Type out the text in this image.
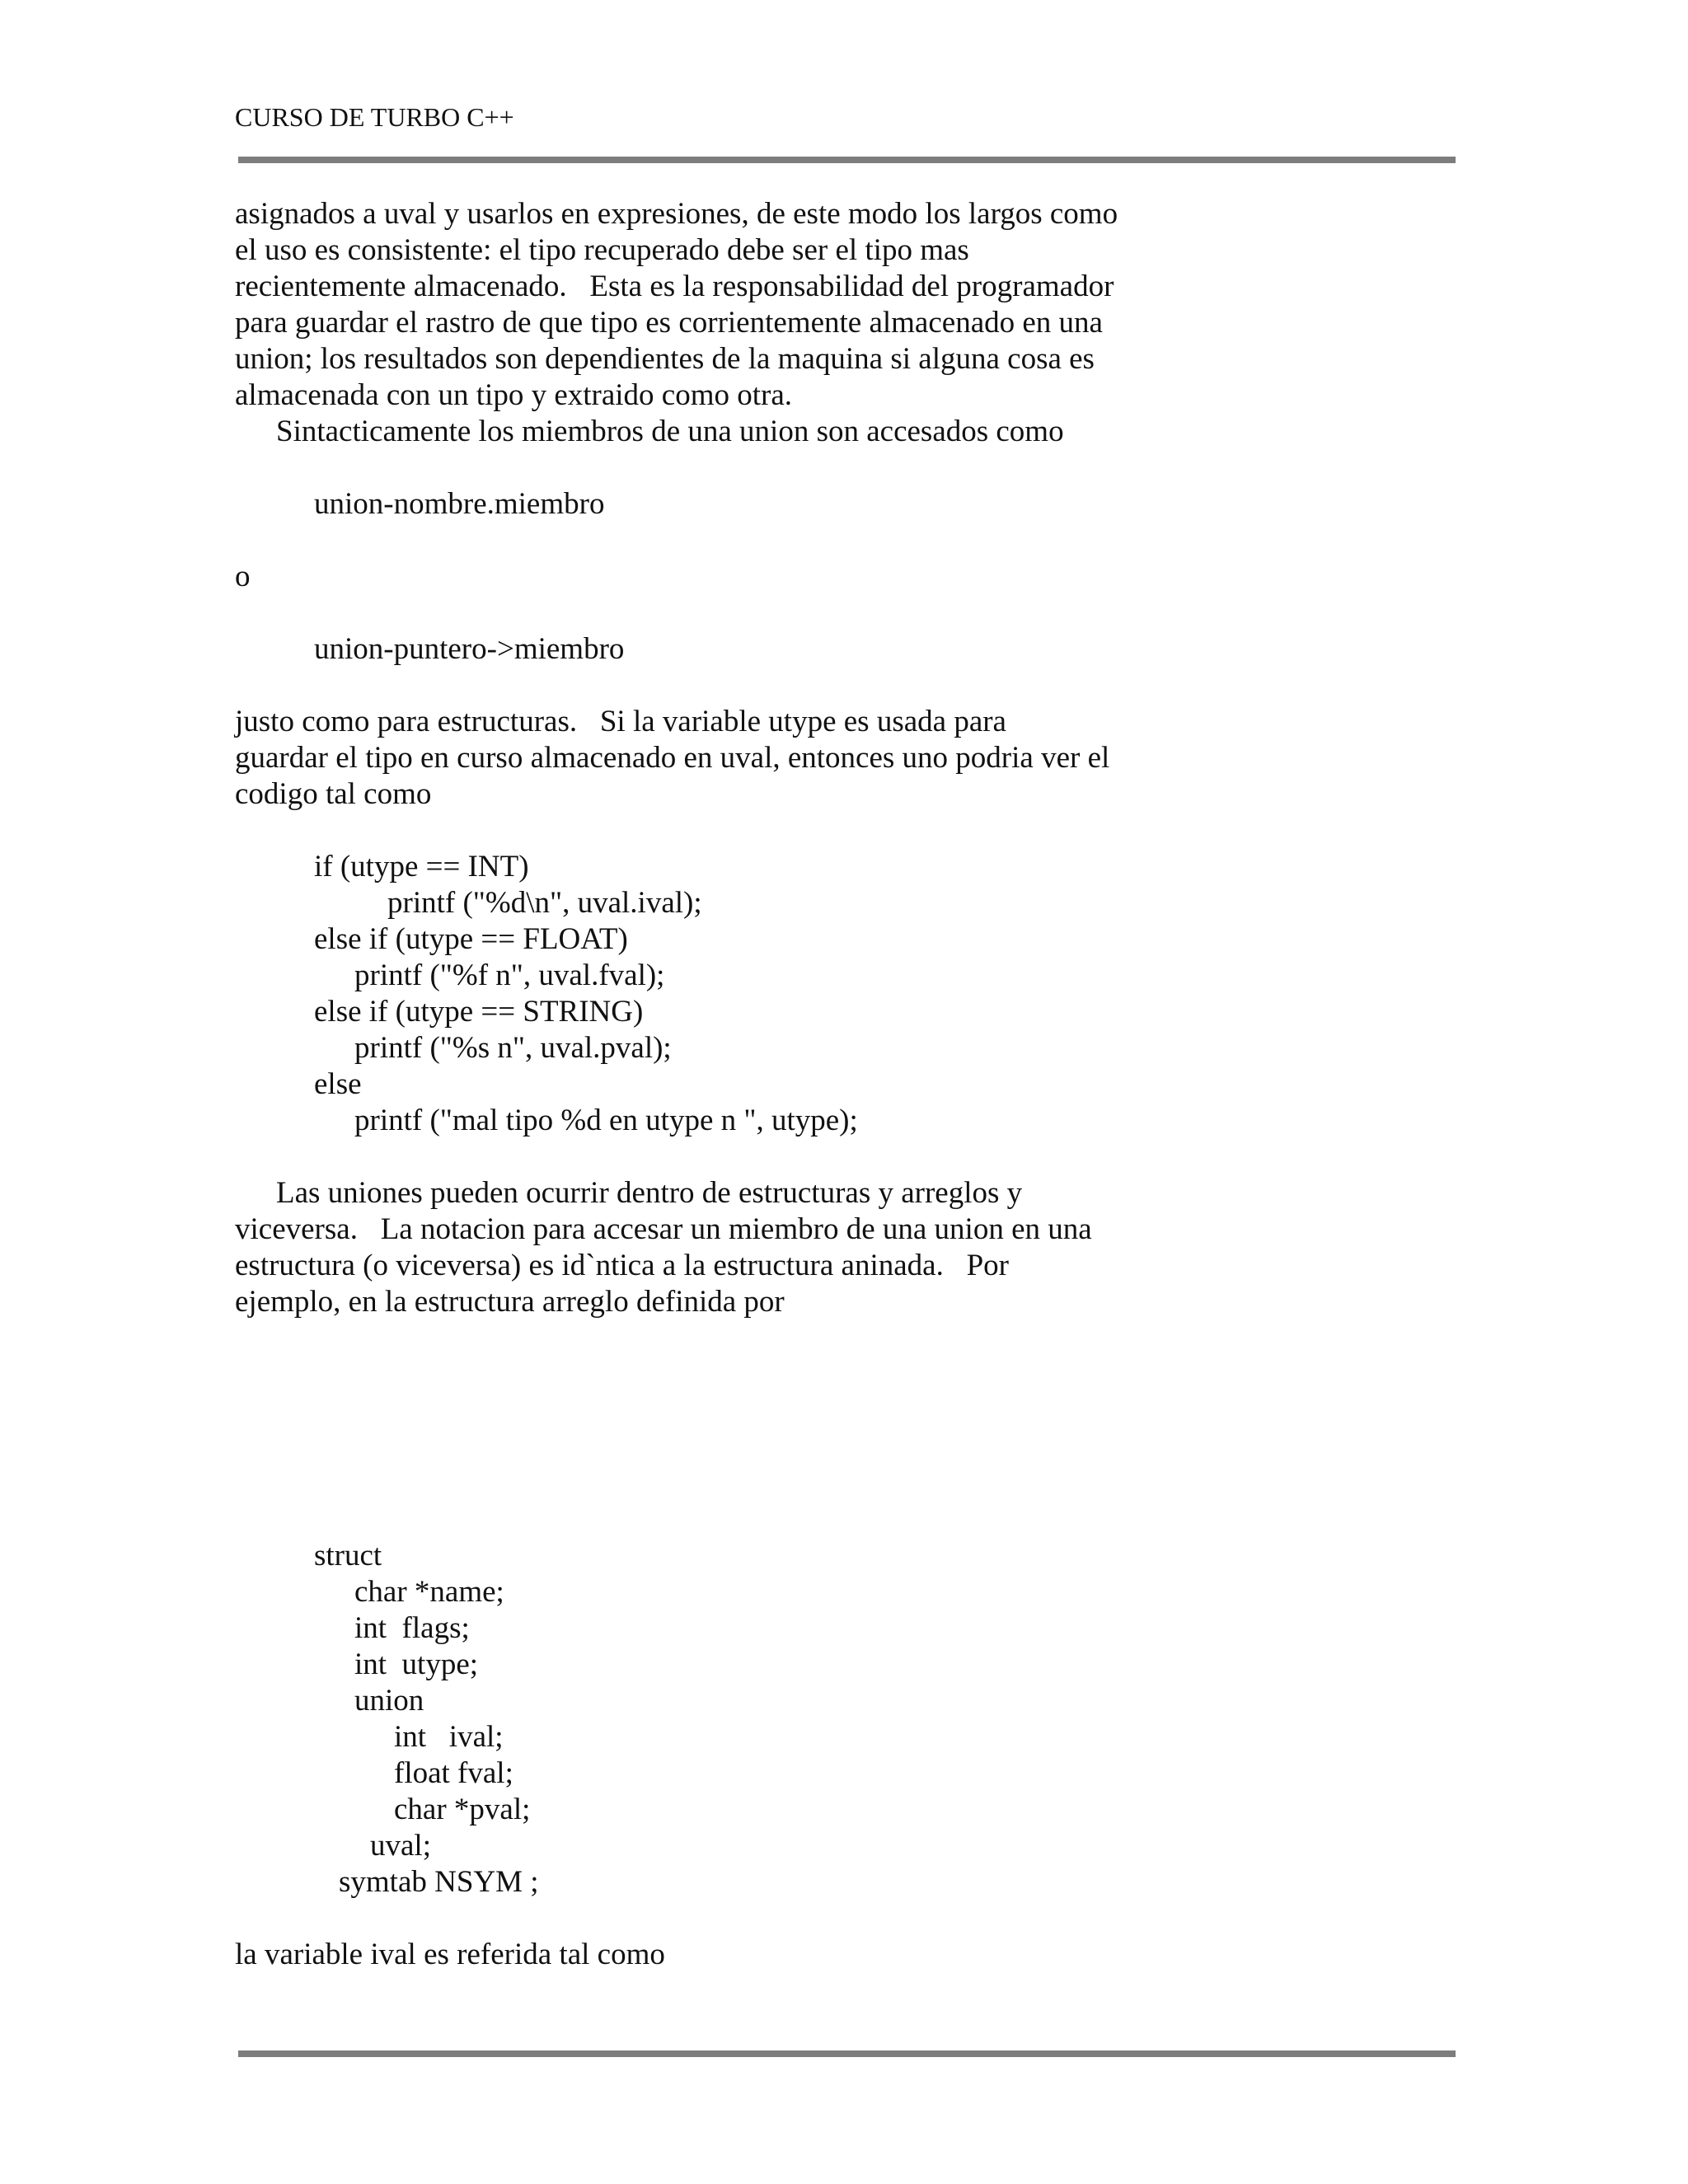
CURSO DE TURBO C++
asignados a uval y usarlos en expresiones, de este modo los largos como
el uso es consistente: el tipo recuperado debe ser el tipo mas
recientemente almacenado.   Esta es la responsabilidad del programador
para guardar el rastro de que tipo es corrientemente almacenado en una
union; los resultados son dependientes de la maquina si alguna cosa es
almacenada con un tipo y extraido como otra.
Sintacticamente los miembros de una union son accesados como
union-nombre.miembro
o
union-puntero->miembro
justo como para estructuras.   Si la variable utype es usada para
guardar el tipo en curso almacenado en uval, entonces uno podria ver el
codigo tal como
if (utype == INT)
printf ("%d\n", uval.ival);
else if (utype == FLOAT)
printf ("%f n", uval.fval);
else if (utype == STRING)
printf ("%s n", uval.pval);
else
printf ("mal tipo %d en utype n ", utype);
Las uniones pueden ocurrir dentro de estructuras y arreglos y
viceversa.   La notacion para accesar un miembro de una union en una
estructura (o viceversa) es id`ntica a la estructura aninada.   Por
ejemplo, en la estructura arreglo definida por
struct
char *name;
int  flags;
int  utype;
union
int   ival;
float fval;
char *pval;
uval;
symtab NSYM ;
la variable ival es referida tal como
